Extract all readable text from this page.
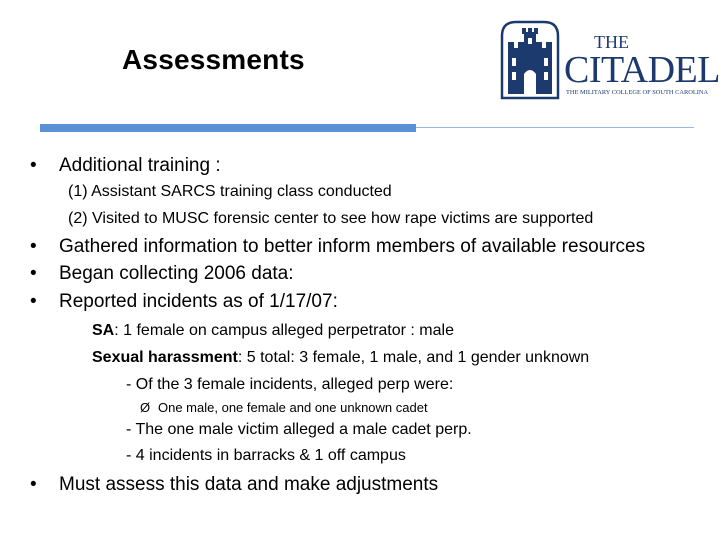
Assessments
THE
CITADEL
THE MILITARY COLLEGE OF SOUTH CAROLINA
• Additional training :
(1) Assistant SARCS training class conducted
(2) Visited to MUSC forensic center to see how rape victims are supported
• Gathered information to better inform members of available resources
• Began collecting 2006 data:
• Reported incidents as of 1/17/07:
SA: 1 female on campus alleged perpetrator : male
Sexual harassment: 5 total: 3 female, 1 male, and 1 gender unknown
- Of the 3 female incidents, alleged perp were:
Ø One male, one female and one unknown cadet
- The one male victim alleged a male cadet perp.
- 4 incidents in barracks & 1 off campus
• Must assess this data and make adjustments
